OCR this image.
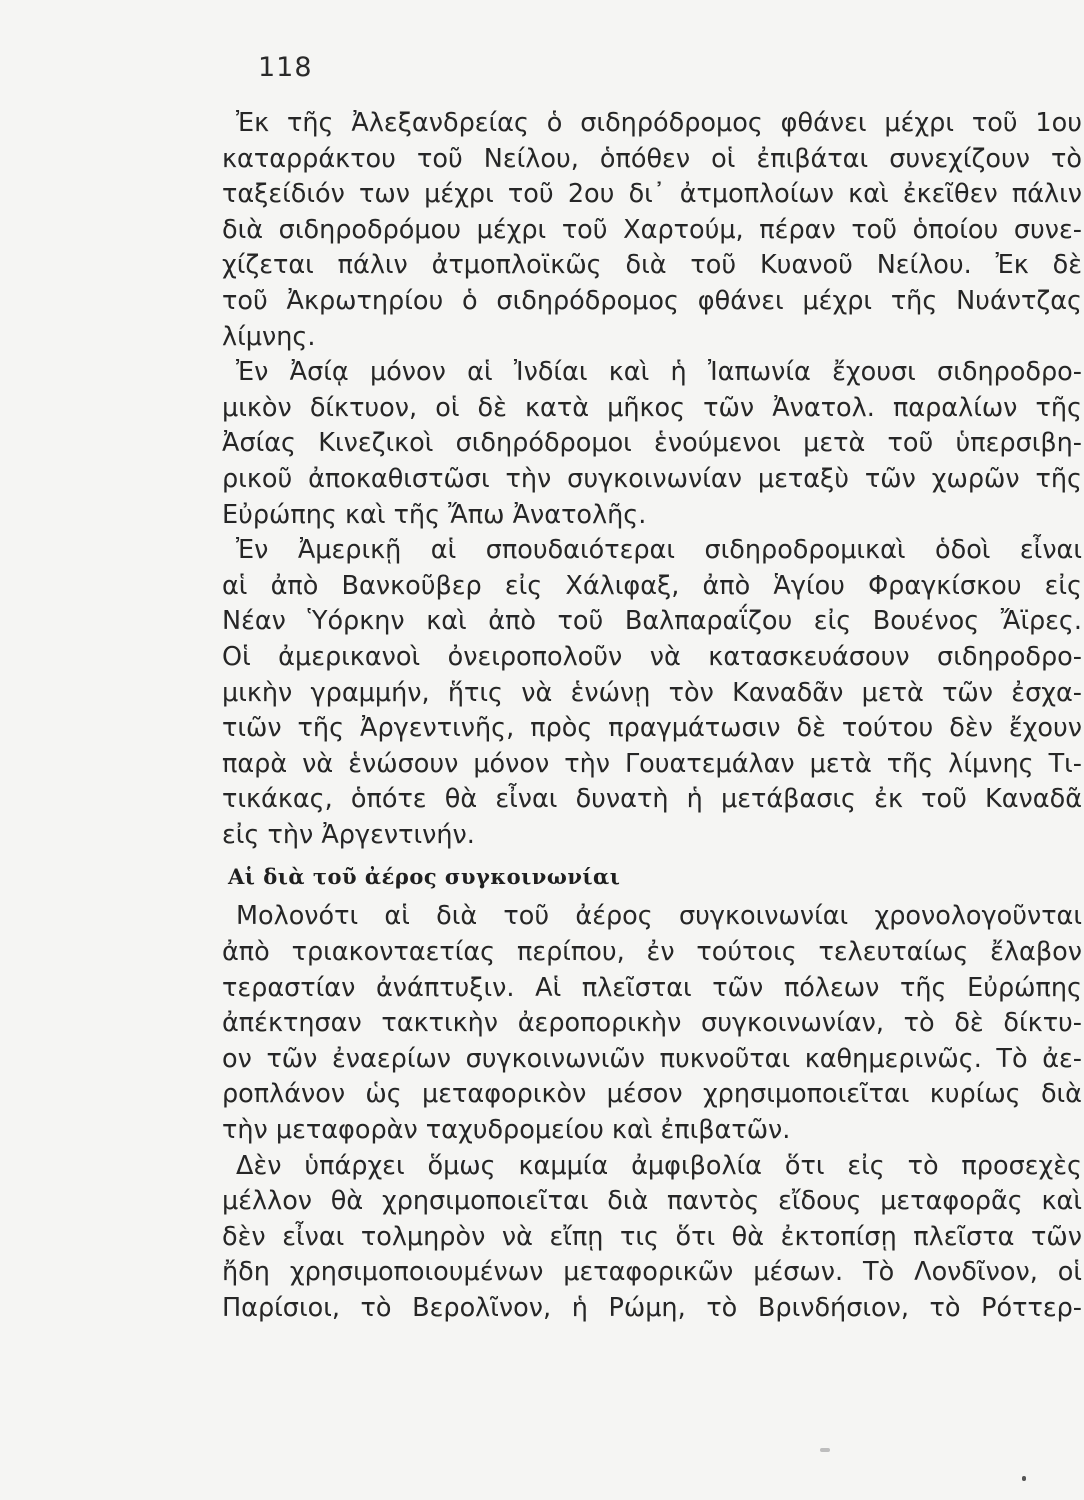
118
Ἐκ τῆς Ἀλεξανδρείας ὁ σιδηρόδρομος φθάνει μέχρι τοῦ 1ου
καταρράκτου τοῦ Νείλου, ὁπόθεν οἱ ἐπιβάται συνεχίζουν τὸ
ταξείδιόν των μέχρι τοῦ 2ου δι᾿ ἀτμοπλοίων καὶ ἐκεῖθεν πάλιν
διὰ σιδηροδρόμου μέχρι τοῦ Χαρτούμ, πέραν τοῦ ὁποίου συνε-
χίζεται πάλιν ἀτμοπλοϊκῶς διὰ τοῦ Κυανοῦ Νείλου. Ἐκ δὲ
τοῦ Ἀκρωτηρίου ὁ σιδηρόδρομος φθάνει μέχρι τῆς Νυάντζας
λίμνης.
Ἐν Ἀσίᾳ μόνον αἱ Ἰνδίαι καὶ ἡ Ἰαπωνία ἔχουσι σιδηροδρο-
μικὸν δίκτυον, οἱ δὲ κατὰ μῆκος τῶν Ἀνατολ. παραλίων τῆς
Ἀσίας Κινεζικοὶ σιδηρόδρομοι ἑνούμενοι μετὰ τοῦ ὑπερσιβη-
ρικοῦ ἀποκαθιστῶσι τὴν συγκοινωνίαν μεταξὺ τῶν χωρῶν τῆς
Εὐρώπης καὶ τῆς Ἄπω Ἀνατολῆς.
Ἐν Ἀμερικῇ αἱ σπουδαιότεραι σιδηροδρομικαὶ ὁδοὶ εἶναι
αἱ ἀπὸ Βανκοῦβερ εἰς Χάλιφαξ, ἀπὸ Ἁγίου Φραγκίσκου εἰς
Νέαν Ὑόρκην καὶ ἀπὸ τοῦ Βαλπαραΐζου εἰς Βουένος Ἄϊρες.
Οἱ ἀμερικανοὶ ὀνειροπολοῦν νὰ κατασκευάσουν σιδηροδρο-
μικὴν γραμμήν, ἥτις νὰ ἑνώνῃ τὸν Καναδᾶν μετὰ τῶν ἐσχα-
τιῶν τῆς Ἀργεντινῆς, πρὸς πραγμάτωσιν δὲ τούτου δὲν ἔχουν
παρὰ νὰ ἑνώσουν μόνον τὴν Γουατεμάλαν μετὰ τῆς λίμνης Τι-
τικάκας, ὁπότε θὰ εἶναι δυνατὴ ἡ μετάβασις ἐκ τοῦ Καναδᾶ
εἰς τὴν Ἀργεντινήν.
Αἱ διὰ τοῦ ἀέρος συγκοινωνίαι
Μολονότι αἱ διὰ τοῦ ἀέρος συγκοινωνίαι χρονολογοῦνται
ἀπὸ τριακονταετίας περίπου, ἐν τούτοις τελευταίως ἔλαβον
τεραστίαν ἀνάπτυξιν. Αἱ πλεῖσται τῶν πόλεων τῆς Εὐρώπης
ἀπέκτησαν τακτικὴν ἀεροπορικὴν συγκοινωνίαν, τὸ δὲ δίκτυ-
ον τῶν ἐναερίων συγκοινωνιῶν πυκνοῦται καθημερινῶς. Τὸ ἀε-
ροπλάνον ὡς μεταφορικὸν μέσον χρησιμοποιεῖται κυρίως διὰ
τὴν μεταφορὰν ταχυδρομείου καὶ ἐπιβατῶν.
Δὲν ὑπάρχει ὅμως καμμία ἀμφιβολία ὅτι εἰς τὸ προσεχὲς
μέλλον θὰ χρησιμοποιεῖται διὰ παντὸς εἴδους μεταφορᾶς καὶ
δὲν εἶναι τολμηρὸν νὰ εἴπῃ τις ὅτι θὰ ἐκτοπίσῃ πλεῖστα τῶν
ἤδη χρησιμοποιουμένων μεταφορικῶν μέσων. Τὸ Λονδῖνον, οἱ
Παρίσιοι, τὸ Βερολῖνον, ἡ Ρώμη, τὸ Βρινδήσιον, τὸ Ρόττερ-
